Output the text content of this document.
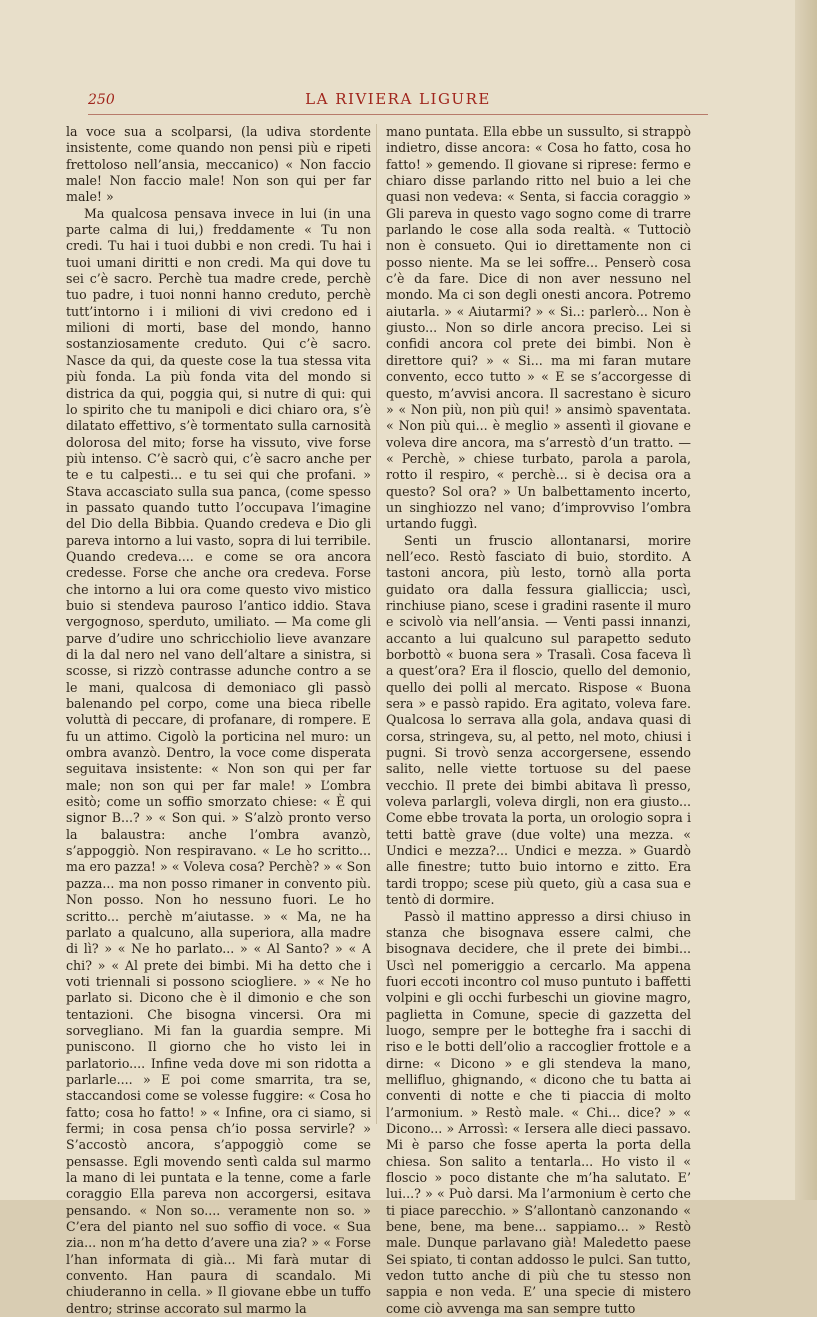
250	LA RIVIERA LIGURE

la voce sua a scolparsi, (la udiva stordente insistente, come quando non pensi più e ripeti frettoloso nell’ansia, meccanico) « Non faccio male! Non faccio male! Non son qui per far male! »

Ma qualcosa pensava invece in lui (in una parte calma di lui,) freddamente « Tu non credi. Tu hai i tuoi dubbi e non credi. Tu hai i tuoi umani diritti e non credi. Ma qui dove tu sei c’è sacro. Perchè tua madre crede, perchè tuo padre, i tuoi nonni hanno creduto, perchè tutt’intorno i i milioni di vivi credono ed i milioni di morti, base del mondo, hanno sostanziosamente creduto. Qui c’è sacro. Nasce da qui, da queste cose la tua stessa vita più fonda. La più fonda vita del mondo si districa da qui, poggia qui, si nutre di qui: qui lo spirito che tu manipoli e dici chiaro ora, s’è dilatato effettivo, s’è tormentato sulla carnosità dolorosa del mito; forse ha vissuto, vive forse più intenso. C’è sacrò qui, c’è sacro anche per te e tu calpesti... e tu sei qui che profani. » Stava accasciato sulla sua panca, (come spesso in passato quando tutto l’occupava l’imagine del Dio della Bibbia. Quando credeva e Dio gli pareva intorno a lui vasto, sopra di lui terribile. Quando credeva.... e come se ora ancora credesse. Forse che anche ora credeva. Forse che intorno a lui ora come questo vivo mistico buio si stendeva pauroso l’antico iddio. Stava vergognoso, sperduto, umiliato. — Ma come gli parve d’udire uno schricchiolio lieve avanzare di la dal nero nel vano dell’altare a sinistra, si scosse, si rizzò contrasse adunche contro a se le mani, qualcosa di demoniaco gli passò balenando pel corpo, come una bieca ribelle voluttà di peccare, di profanare, di rompere. E fu un attimo. Cigolò la porticina nel muro: un ombra avanzò. Dentro, la voce come disperata seguitava insistente: « Non son qui per far male; non son qui per far male! » L’ombra esitò; come un soffio smorzato chiese: « È qui signor B...? » « Son qui. » S’alzò pronto verso la balaustra: anche l’ombra avanzò, s’appoggiò. Non respiravano. « Le ho scritto... ma ero pazza! » « Voleva cosa? Perchè? » « Son pazza... ma non posso rimaner in convento più. Non posso. Non ho nessuno fuori. Le ho scritto... perchè m’aiutasse. » « Ma, ne ha parlato a qualcuno, alla superiora, alla madre di lì? » « Ne ho parlato... » « Al Santo? » « A chi? » « Al prete dei bimbi. Mi ha detto che i voti triennali si possono sciogliere. » « Ne ho parlato si. Dicono che è il dimonio e che son tentazioni. Che bisogna vincersi. Ora mi sorvegliano. Mi fan la guardia sempre. Mi puniscono. Il giorno che ho visto lei in parlatorio.... Infine veda dove mi son ridotta a parlarle.... » E poi come smarrita, tra se, staccandosi come se volesse fuggire: « Cosa ho fatto; cosa ho fatto! » « Infine, ora ci siamo, si fermi; in cosa pensa ch’io possa servirle? » S’accostò ancora, s’appoggiò come se pensasse. Egli movendo sentì calda sul marmo la mano di lei puntata e la tenne, come a farle coraggio Ella pareva non accorgersi, esitava pensando. « Non so.... veramente non so. » C’era del pianto nel suo soffio di voce. « Sua zia... non m’ha detto d’avere una zia? » « Forse l’han informata di già... Mi farà mutar di convento. Han paura di scandalo. Mi chiuderanno in cella. » Il giovane ebbe un tuffo dentro; strinse accorato sul marmo la

mano puntata. Ella ebbe un sussulto, si strappò indietro, disse ancora: « Cosa ho fatto, cosa ho fatto! » gemendo. Il giovane si riprese: fermo e chiaro disse parlando ritto nel buio a lei che quasi non vedeva: « Senta, si faccia coraggio » Gli pareva in questo vago sogno come di trarre parlando le cose alla soda realtà. « Tuttociò non è consueto. Qui io direttamente non ci posso niente. Ma se lei soffre... Penserò cosa c’è da fare. Dice di non aver nessuno nel mondo. Ma ci son degli onesti ancora. Potremo aiutarla. » « Aiutarmi? » « Si..: parlerò... Non è giusto... Non so dirle ancora preciso. Lei si confidi ancora col prete dei bimbi. Non è direttore qui? » « Si... ma mi faran mutare convento, ecco tutto » « E se s’accorgesse di questo, m’avvisi ancora. Il sacrestano è sicuro » « Non più, non più qui! » ansimò spaventata. « Non più qui... è meglio » assentì il giovane e voleva dire ancora, ma s’arrestò d’un tratto. — « Perchè, » chiese turbato, parola a parola, rotto il respiro, « perchè... si è decisa ora a questo? Sol ora? » Un balbettamento incerto, un singhiozzo nel vano; d’improvviso l’ombra urtando fuggì.

Senti un fruscio allontanarsi, morire nell’eco. Restò fasciato di buio, stordito. A tastoni ancora, più lesto, tornò alla porta guidato ora dalla fessura gialliccia; uscì, rinchiuse piano, scese i gradini rasente il muro e scivolò via nell’ansia. — Venti passi innanzi, accanto a lui qualcuno sul parapetto seduto borbottò « buona sera » Trasalì. Cosa faceva lì a quest’ora? Era il floscio, quello del demonio, quello dei polli al mercato. Rispose « Buona sera » e passò rapido. Era agitato, voleva fare. Qualcosa lo serrava alla gola, andava quasi di corsa, stringeva, su, al petto, nel moto, chiusi i pugni. Si trovò senza accorgersene, essendo salito, nelle viette tortuose su del paese vecchio. Il prete dei bimbi abitava lì presso, voleva parlargli, voleva dirgli, non era giusto... Come ebbe trovata la porta, un orologio sopra i tetti battè grave (due volte) una mezza. « Undici e mezza?... Undici e mezza. » Guardò alle finestre; tutto buio intorno e zitto. Era tardi troppo; scese più queto, giù a casa sua e tentò di dormire.

Passò il mattino appresso a dirsi chiuso in stanza che bisognava essere calmi, che bisognava decidere, che il prete dei bimbi... Uscì nel pomeriggio a cercarlo. Ma appena fuori eccoti incontro col muso puntuto i baffetti volpini e gli occhi furbeschi un giovine magro, paglietta in Comune, specie di gazzetta del luogo, sempre per le botteghe fra i sacchi di riso e le botti dell’olio a raccoglier frottole e a dirne: « Dicono » e gli stendeva la mano, mellifluo, ghignando, « dicono che tu batta ai conventi di notte e che ti piaccia di molto l’armonium. » Restò male. « Chi... dice? » « Dicono... » Arrossì: « Iersera alle dieci passavo. Mi è parso che fosse aperta la porta della chiesa. Son salito a tentarla... Ho visto il « floscio » poco distante che m’ha salutato. E’ lui...? » « Può darsi. Ma l’armonium è certo che ti piace parecchio. » S’allontanò canzonando « bene, bene, ma bene... sappiamo... » Restò male. Dunque parlavano già! Maledetto paese Sei spiato, ti contan addosso le pulci. San tutto, vedon tutto anche di più che tu stesso non sappia e non veda. E’ una specie di mistero come ciò avvenga ma san sempre tutto
